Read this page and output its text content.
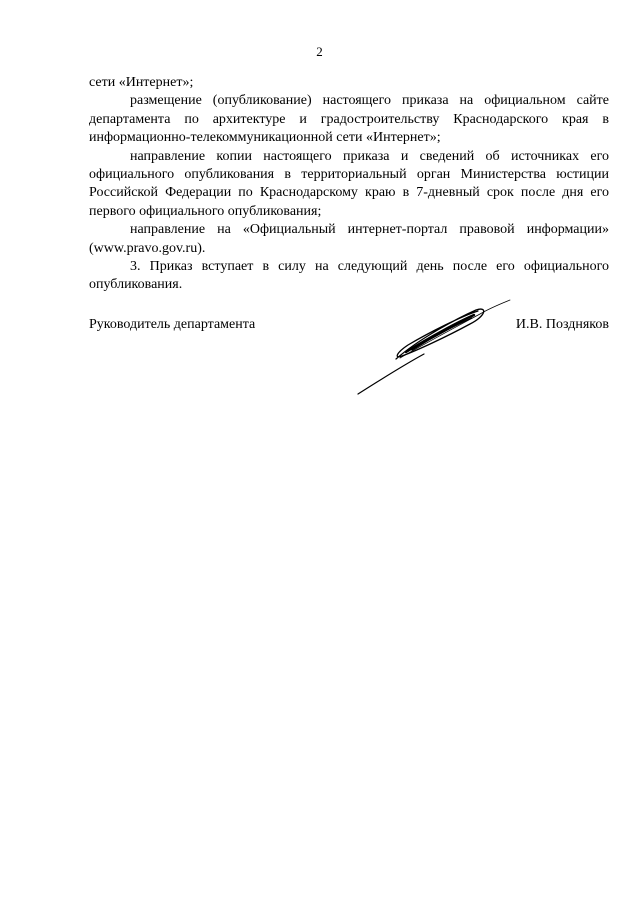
2

сети «Интернет»;

размещение (опубликование) настоящего приказа на официальном сайте департамента по архитектуре и градостроительству Краснодарского края в информационно-телекоммуникационной сети «Интернет»;

направление копии настоящего приказа и сведений об источниках его официального опубликования в территориальный орган Министерства юстиции Российской Федерации по Краснодарскому краю в 7-дневный срок после дня его первого официального опубликования;

направление на «Официальный интернет-портал правовой информации» (www.pravo.gov.ru).

3. Приказ вступает в силу на следующий день после его официального опубликования.

Руководитель департамента	И.В. Поздняков
